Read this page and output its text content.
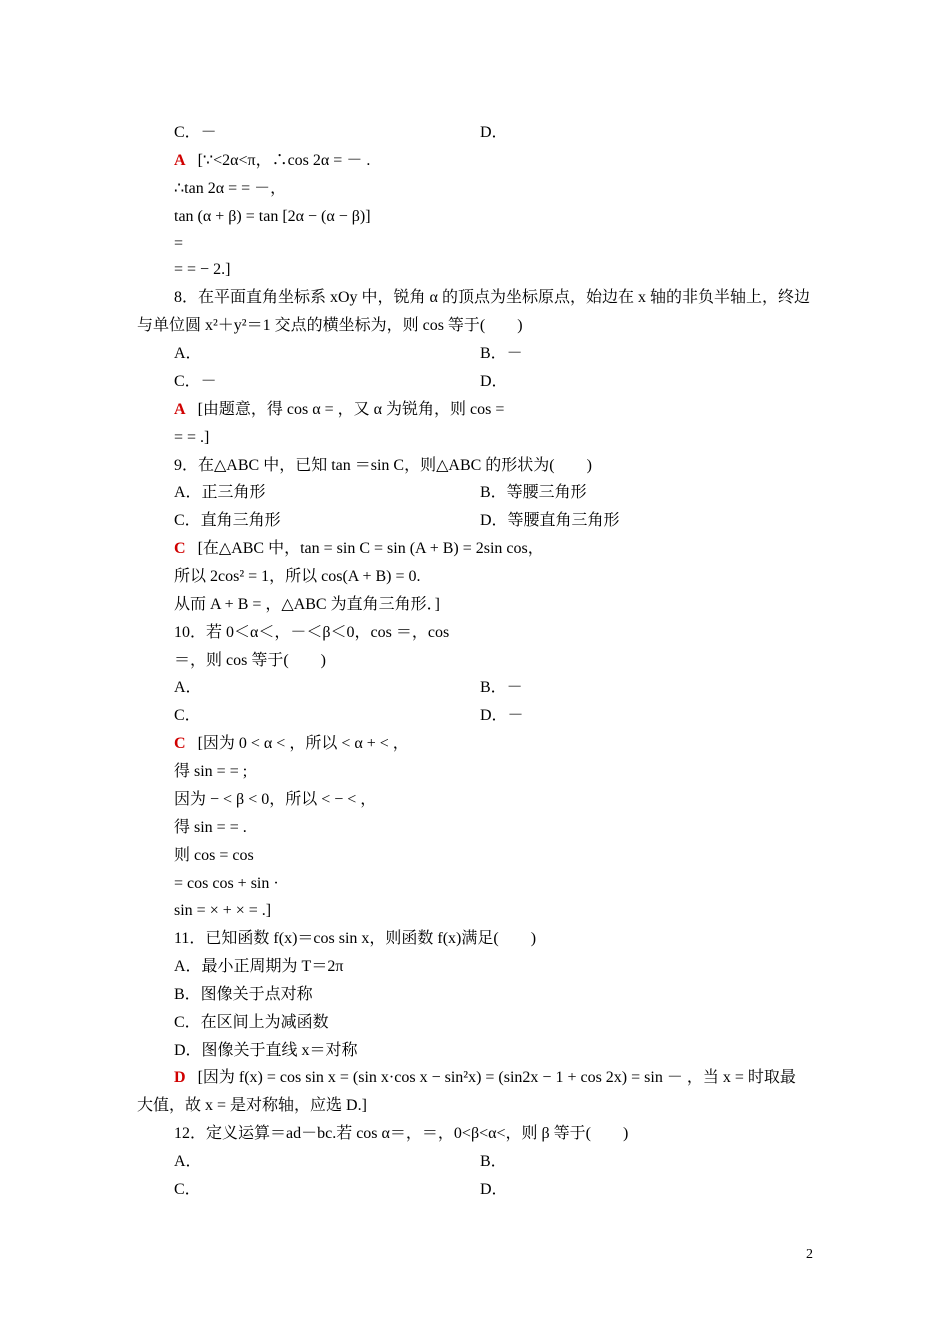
C．－	D．
A [∵<2α<π，∴cos 2α = － .
∴tan 2α = = －，
tan (α + β) = tan [2α − (α − β)]
=
= = − 2.]
8．在平面直角坐标系 xOy 中，锐角 α 的顶点为坐标原点，始边在 x 轴的非负半轴上，终边
与单位圆 x²＋y²＝1 交点的横坐标为，则 cos 等于(　　)
A．	B．－
C．－	D．
A [由题意，得 cos α = ，又 α 为锐角，则 cos =
= = .]
9．在△ABC 中，已知 tan ＝sin C，则△ABC 的形状为(　　)
A．正三角形	B．等腰三角形
C．直角三角形	D．等腰直角三角形
C [在△ABC 中，tan = sin C = sin (A + B) = 2sin cos，
所以 2cos² = 1，所以 cos(A + B) = 0.
从而 A + B = ，△ABC 为直角三角形．]
10．若 0＜α＜，－＜β＜0，cos ＝，cos
＝，则 cos 等于(　　)
A．	B．－
C．	D．－
C [因为 0 < α < ，所以 < α + < ，
得 sin = = ;
因为 − < β < 0，所以 < − < ，
得 sin = = .
则 cos = cos
= cos cos + sin ·
sin = × + × = .]
11．已知函数 f(x)＝cos sin x，则函数 f(x)满足(　　)
A．最小正周期为 T＝2π
B．图像关于点对称
C．在区间上为减函数
D．图像关于直线 x＝对称
D [因为 f(x) = cos sin x = (sin x·cos x − sin²x) = (sin2x − 1 + cos 2x) = sin － ，当 x = 时取最
大值，故 x = 是对称轴，应选 D.]
12．定义运算＝ad－bc.若 cos α＝，＝，0<β<α<，则 β 等于(　　)
A．	B．
C．	D．
2
